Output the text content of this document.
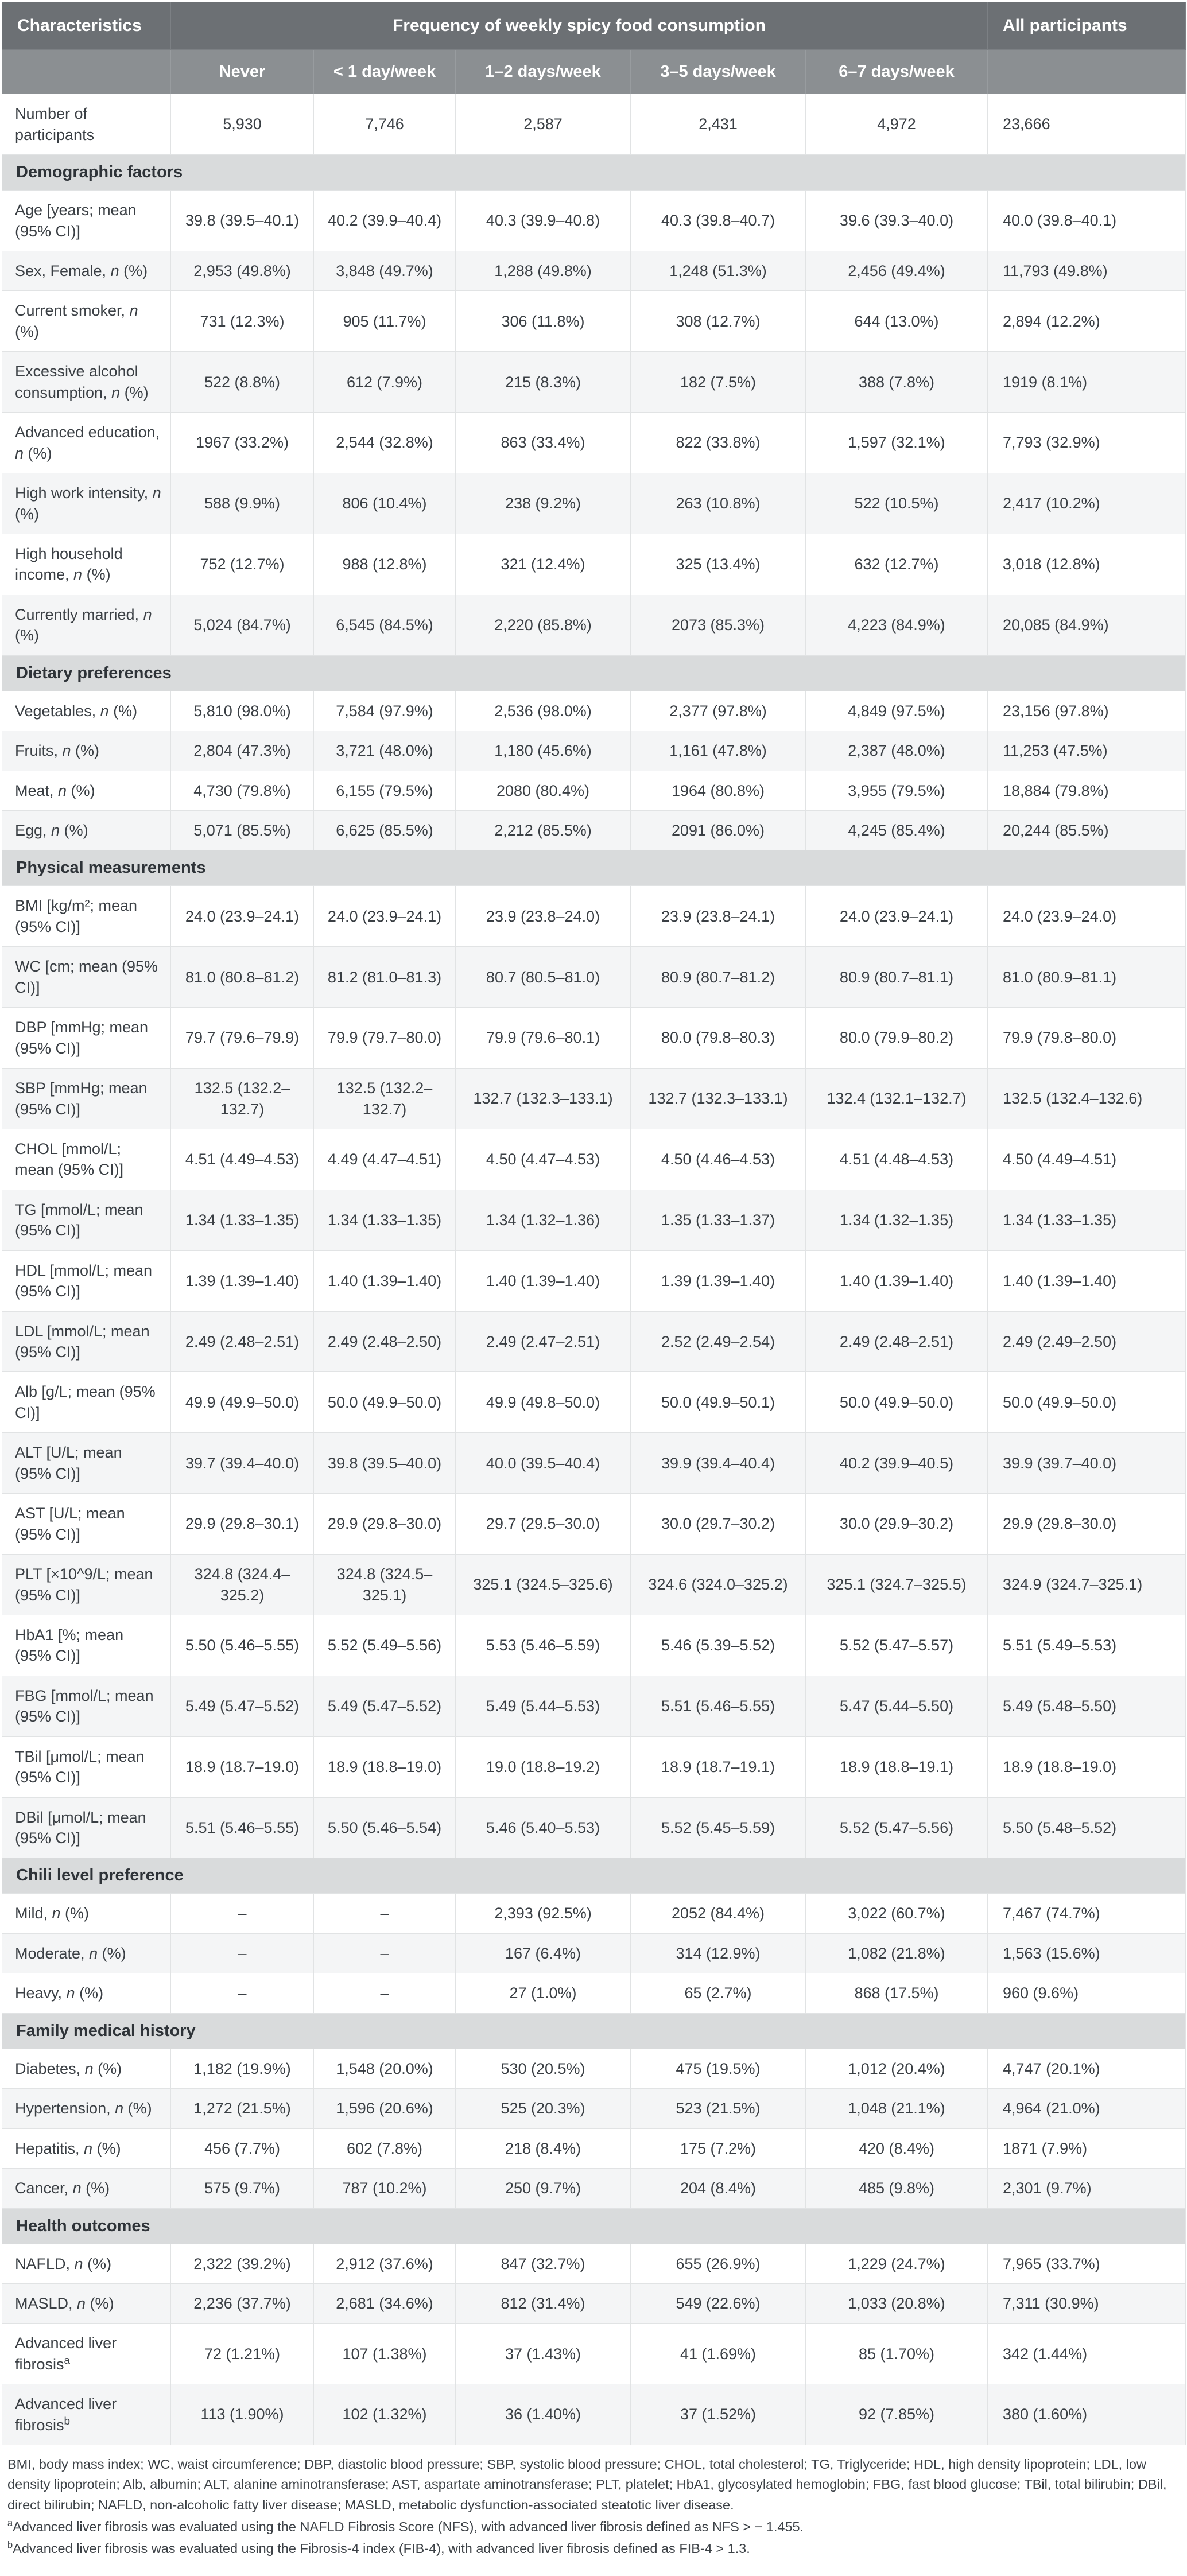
Characteristics	Frequency of weekly spicy food consumption					All participants
	Never	< 1 day/week	1–2 days/week	3–5 days/week	6–7 days/week	
Number of participants	5,930	7,746	2,587	2,431	4,972	23,666
Demographic factors						
Age [years; mean (95% CI)]	39.8 (39.5–40.1)	40.2 (39.9–40.4)	40.3 (39.9–40.8)	40.3 (39.8–40.7)	39.6 (39.3–40.0)	40.0 (39.8–40.1)
Sex, Female, n (%)	2,953 (49.8%)	3,848 (49.7%)	1,288 (49.8%)	1,248 (51.3%)	2,456 (49.4%)	11,793 (49.8%)
Current smoker, n (%)	731 (12.3%)	905 (11.7%)	306 (11.8%)	308 (12.7%)	644 (13.0%)	2,894 (12.2%)
Excessive alcohol consumption, n (%)	522 (8.8%)	612 (7.9%)	215 (8.3%)	182 (7.5%)	388 (7.8%)	1919 (8.1%)
Advanced education, n (%)	1967 (33.2%)	2,544 (32.8%)	863 (33.4%)	822 (33.8%)	1,597 (32.1%)	7,793 (32.9%)
High work intensity, n (%)	588 (9.9%)	806 (10.4%)	238 (9.2%)	263 (10.8%)	522 (10.5%)	2,417 (10.2%)
High household income, n (%)	752 (12.7%)	988 (12.8%)	321 (12.4%)	325 (13.4%)	632 (12.7%)	3,018 (12.8%)
Currently married, n (%)	5,024 (84.7%)	6,545 (84.5%)	2,220 (85.8%)	2073 (85.3%)	4,223 (84.9%)	20,085 (84.9%)
Dietary preferences						
Vegetables, n (%)	5,810 (98.0%)	7,584 (97.9%)	2,536 (98.0%)	2,377 (97.8%)	4,849 (97.5%)	23,156 (97.8%)
Fruits, n (%)	2,804 (47.3%)	3,721 (48.0%)	1,180 (45.6%)	1,161 (47.8%)	2,387 (48.0%)	11,253 (47.5%)
Meat, n (%)	4,730 (79.8%)	6,155 (79.5%)	2080 (80.4%)	1964 (80.8%)	3,955 (79.5%)	18,884 (79.8%)
Egg, n (%)	5,071 (85.5%)	6,625 (85.5%)	2,212 (85.5%)	2091 (86.0%)	4,245 (85.4%)	20,244 (85.5%)
Physical measurements						
BMI [kg/m²; mean (95% CI)]	24.0 (23.9–24.1)	24.0 (23.9–24.1)	23.9 (23.8–24.0)	23.9 (23.8–24.1)	24.0 (23.9–24.1)	24.0 (23.9–24.0)
WC [cm; mean (95% CI)]	81.0 (80.8–81.2)	81.2 (81.0–81.3)	80.7 (80.5–81.0)	80.9 (80.7–81.2)	80.9 (80.7–81.1)	81.0 (80.9–81.1)
DBP [mmHg; mean (95% CI)]	79.7 (79.6–79.9)	79.9 (79.7–80.0)	79.9 (79.6–80.1)	80.0 (79.8–80.3)	80.0 (79.9–80.2)	79.9 (79.8–80.0)
SBP [mmHg; mean (95% CI)]	132.5 (132.2–132.7)	132.5 (132.2–132.7)	132.7 (132.3–133.1)	132.7 (132.3–133.1)	132.4 (132.1–132.7)	132.5 (132.4–132.6)
CHOL [mmol/L; mean (95% CI)]	4.51 (4.49–4.53)	4.49 (4.47–4.51)	4.50 (4.47–4.53)	4.50 (4.46–4.53)	4.51 (4.48–4.53)	4.50 (4.49–4.51)
TG [mmol/L; mean (95% CI)]	1.34 (1.33–1.35)	1.34 (1.33–1.35)	1.34 (1.32–1.36)	1.35 (1.33–1.37)	1.34 (1.32–1.35)	1.34 (1.33–1.35)
HDL [mmol/L; mean (95% CI)]	1.39 (1.39–1.40)	1.40 (1.39–1.40)	1.40 (1.39–1.40)	1.39 (1.39–1.40)	1.40 (1.39–1.40)	1.40 (1.39–1.40)
LDL [mmol/L; mean (95% CI)]	2.49 (2.48–2.51)	2.49 (2.48–2.50)	2.49 (2.47–2.51)	2.52 (2.49–2.54)	2.49 (2.48–2.51)	2.49 (2.49–2.50)
Alb [g/L; mean (95% CI)]	49.9 (49.9–50.0)	50.0 (49.9–50.0)	49.9 (49.8–50.0)	50.0 (49.9–50.1)	50.0 (49.9–50.0)	50.0 (49.9–50.0)
ALT [U/L; mean (95% CI)]	39.7 (39.4–40.0)	39.8 (39.5–40.0)	40.0 (39.5–40.4)	39.9 (39.4–40.4)	40.2 (39.9–40.5)	39.9 (39.7–40.0)
AST [U/L; mean (95% CI)]	29.9 (29.8–30.1)	29.9 (29.8–30.0)	29.7 (29.5–30.0)	30.0 (29.7–30.2)	30.0 (29.9–30.2)	29.9 (29.8–30.0)
PLT [×10^9/L; mean (95% CI)]	324.8 (324.4–325.2)	324.8 (324.5–325.1)	325.1 (324.5–325.6)	324.6 (324.0–325.2)	325.1 (324.7–325.5)	324.9 (324.7–325.1)
HbA1 [%; mean (95% CI)]	5.50 (5.46–5.55)	5.52 (5.49–5.56)	5.53 (5.46–5.59)	5.46 (5.39–5.52)	5.52 (5.47–5.57)	5.51 (5.49–5.53)
FBG [mmol/L; mean (95% CI)]	5.49 (5.47–5.52)	5.49 (5.47–5.52)	5.49 (5.44–5.53)	5.51 (5.46–5.55)	5.47 (5.44–5.50)	5.49 (5.48–5.50)
TBil [μmol/L; mean (95% CI)]	18.9 (18.7–19.0)	18.9 (18.8–19.0)	19.0 (18.8–19.2)	18.9 (18.7–19.1)	18.9 (18.8–19.1)	18.9 (18.8–19.0)
DBil [μmol/L; mean (95% CI)]	5.51 (5.46–5.55)	5.50 (5.46–5.54)	5.46 (5.40–5.53)	5.52 (5.45–5.59)	5.52 (5.47–5.56)	5.50 (5.48–5.52)
Chili level preference						
Mild, n (%)	–	–	2,393 (92.5%)	2052 (84.4%)	3,022 (60.7%)	7,467 (74.7%)
Moderate, n (%)	–	–	167 (6.4%)	314 (12.9%)	1,082 (21.8%)	1,563 (15.6%)
Heavy, n (%)	–	–	27 (1.0%)	65 (2.7%)	868 (17.5%)	960 (9.6%)
Family medical history						
Diabetes, n (%)	1,182 (19.9%)	1,548 (20.0%)	530 (20.5%)	475 (19.5%)	1,012 (20.4%)	4,747 (20.1%)
Hypertension, n (%)	1,272 (21.5%)	1,596 (20.6%)	525 (20.3%)	523 (21.5%)	1,048 (21.1%)	4,964 (21.0%)
Hepatitis, n (%)	456 (7.7%)	602 (7.8%)	218 (8.4%)	175 (7.2%)	420 (8.4%)	1871 (7.9%)
Cancer, n (%)	575 (9.7%)	787 (10.2%)	250 (9.7%)	204 (8.4%)	485 (9.8%)	2,301 (9.7%)
Health outcomes						
NAFLD, n (%)	2,322 (39.2%)	2,912 (37.6%)	847 (32.7%)	655 (26.9%)	1,229 (24.7%)	7,965 (33.7%)
MASLD, n (%)	2,236 (37.7%)	2,681 (34.6%)	812 (31.4%)	549 (22.6%)	1,033 (20.8%)	7,311 (30.9%)
Advanced liver fibrosis$^a$	72 (1.21%)	107 (1.38%)	37 (1.43%)	41 (1.69%)	85 (1.70%)	342 (1.44%)
Advanced liver fibrosis$^b$	113 (1.90%)	102 (1.32%)	36 (1.40%)	37 (1.52%)	92 (7.85%)	380 (1.60%)

BMI, body mass index; WC, waist circumference; DBP, diastolic blood pressure; SBP, systolic blood pressure; CHOL, total cholesterol; TG, Triglyceride; HDL, high density lipoprotein; LDL, low density lipoprotein; Alb, albumin; ALT, alanine aminotransferase; AST, aspartate aminotransferase; PLT, platelet; HbA1, glycosylated hemoglobin; FBG, fast blood glucose; TBil, total bilirubin; DBil, direct bilirubin; NAFLD, non-alcoholic fatty liver disease; MASLD, metabolic dysfunction-associated steatotic liver disease.

$^a$Advanced liver fibrosis was evaluated using the NAFLD Fibrosis Score (NFS), with advanced liver fibrosis defined as NFS > − 1.455.

$^b$Advanced liver fibrosis was evaluated using the Fibrosis-4 index (FIB-4), with advanced liver fibrosis defined as FIB-4 > 1.3.
